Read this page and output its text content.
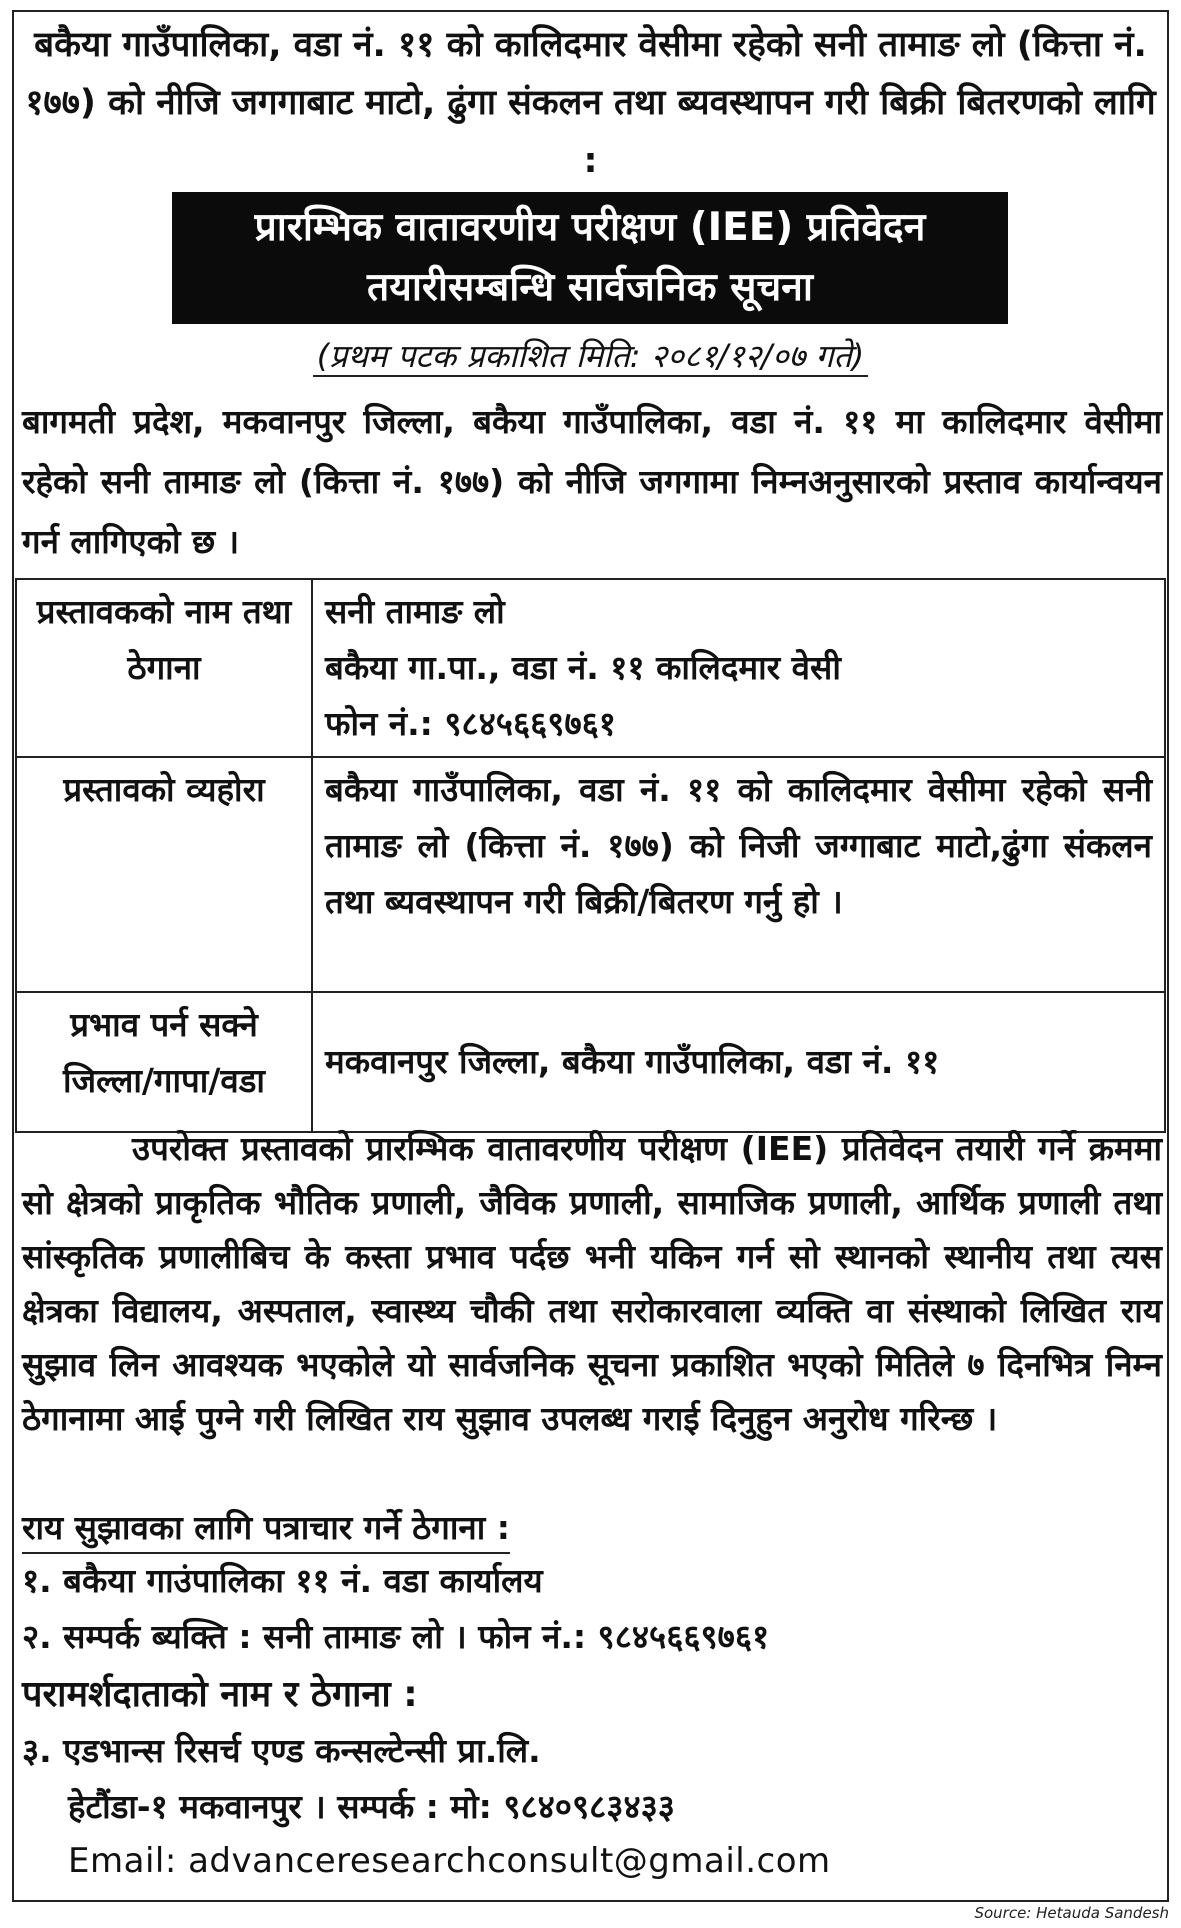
बकैया गाउँपालिका, वडा नं. ११ को कालिदमार वेसीमा रहेको सनी तामाङ लो (कित्ता नं. १७७) को नीजि जगगाबाट माटो, ढुंगा संकलन तथा ब्यवस्थापन गरी बिक्री बितरणको लागि :

प्रारम्भिक वातावरणीय परीक्षण (IEE) प्रतिवेदन
तयारीसम्बन्धि सार्वजनिक सूचना
(प्रथम पटक प्रकाशित मिति: २०८१/१२/०७ गते)

बागमती प्रदेश, मकवानपुर जिल्ला, बकैया गाउँपालिका, वडा नं. ११ मा कालिदमार वेसीमा रहेको सनी तामाङ लो (कित्ता नं. १७७) को नीजि जगगामा निम्नअनुसारको प्रस्ताव कार्यान्वयन गर्न लागिएको छ ।

प्रस्तावकको नाम तथा ठेगाना	सनी तामाङ लो
बकैया गा.पा., वडा नं. ११ कालिदमार वेसी
फोन नं.: ९८४५६६९७६१

प्रस्तावको व्यहोरा	बकैया गाउँपालिका, वडा नं. ११ को कालिदमार वेसीमा रहेको सनी तामाङ लो (कित्ता नं. १७७) को निजी जग्गाबाट माटो,ढुंगा संकलन तथा ब्यवस्थापन गरी बिक्री/बितरण गर्नु हो ।
प्रभाव पर्न सक्ने जिल्ला/गापा/वडा	मकवानपुर जिल्ला, बकैया गाउँपालिका, वडा नं. ११

उपरोक्त प्रस्तावको प्रारम्भिक वातावरणीय परीक्षण (IEE) प्रतिवेदन तयारी गर्ने क्रममा सो क्षेत्रको प्राकृतिक भौतिक प्रणाली, जैविक प्रणाली, सामाजिक प्रणाली, आर्थिक प्रणाली तथा सांस्कृतिक प्रणालीबिच के कस्ता प्रभाव पर्दछ भनी यकिन गर्न सो स्थानको स्थानीय तथा त्यस क्षेत्रका विद्यालय, अस्पताल, स्वास्थ्य चौकी तथा सरोकारवाला व्यक्ति वा संस्थाको लिखित राय सुझाव लिन आवश्यक भएकोले यो सार्वजनिक सूचना प्रकाशित भएको मितिले ७ दिनभित्र निम्न ठेगानामा आई पुग्ने गरी लिखित राय सुझाव उपलब्ध गराई दिनुहुन अनुरोध गरिन्छ ।

राय सुझावका लागि पत्राचार गर्ने ठेगाना :
१. बकैया गाउंपालिका ११ नं. वडा कार्यालय
२. सम्पर्क ब्यक्ति : सनी तामाङ लो । फोन नं.: ९८४५६६९७६१
परामर्शदाताको नाम र ठेगाना :
३. एडभान्स रिसर्च एण्ड कन्सल्टेन्सी प्रा.लि.
हेटौंडा-१ मकवानपुर । सम्पर्क : मो: ९८४०९८३४३३
Email: advanceresearchconsult@gmail.com
Source: Hetauda Sandesh
